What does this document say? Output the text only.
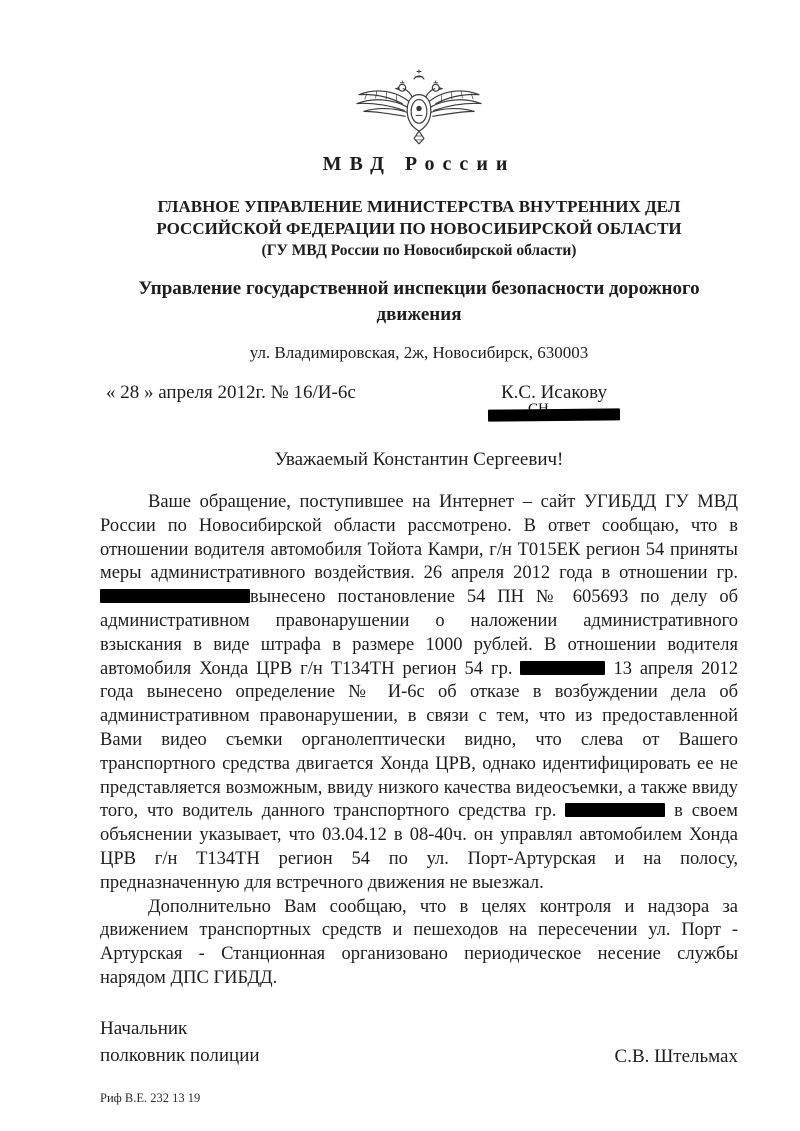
МВД России
ГЛАВНОЕ УПРАВЛЕНИЕ МИНИСТЕРСТВА ВНУТРЕННИХ ДЕЛ
РОССИЙСКОЙ ФЕДЕРАЦИИ ПО НОВОСИБИРСКОЙ ОБЛАСТИ
(ГУ МВД России по Новосибирской области)
Управление государственной инспекции безопасности дорожного движения
ул. Владимировская, 2ж, Новосибирск, 630003
« 28 » апреля 2012г. № 16/И-6с	К.С. Исакову
Уважаемый Константин Сергеевич!

Ваше обращение, поступившее на Интернет – сайт УГИБДД ГУ МВД России по Новосибирской области рассмотрено. В ответ сообщаю, что в отношении водителя автомобиля Тойота Камри, г/н Т015ЕК регион 54 приняты меры административного воздействия. 26 апреля 2012 года в отношении гр. вынесено постановление 54 ПН № 605693 по делу об административном правонарушении о наложении административного взыскания в виде штрафа в размере 1000 рублей. В отношении водителя автомобиля Хонда ЦРВ г/н Т134ТН регион 54 гр.	13 апреля 2012 года вынесено определение № И-6с об отказе в возбуждении дела об административном правонарушении, в связи с тем, что из предоставленной Вами видео съемки органолептически видно, что слева от Вашего транспортного средства двигается Хонда ЦРВ, однако идентифицировать ее не представляется возможным, ввиду низкого качества видеосъемки, а также ввиду того, что водитель данного транспортного средства гр.	в своем объяснении указывает, что 03.04.12 в 08-40ч. он управлял автомобилем Хонда ЦРВ г/н Т134ТН регион 54 по ул. Порт-Артурская и на полосу, предназначенную для встречного движения не выезжал.

Дополнительно Вам сообщаю, что в целях контроля и надзора за движением транспортных средств и пешеходов на пересечении ул. Порт - Артурская - Станционная организовано периодическое несение службы нарядом ДПС ГИБДД.

Начальник
полковник полиции	С.В. Штельмах
Риф В.Е. 232 13 19
